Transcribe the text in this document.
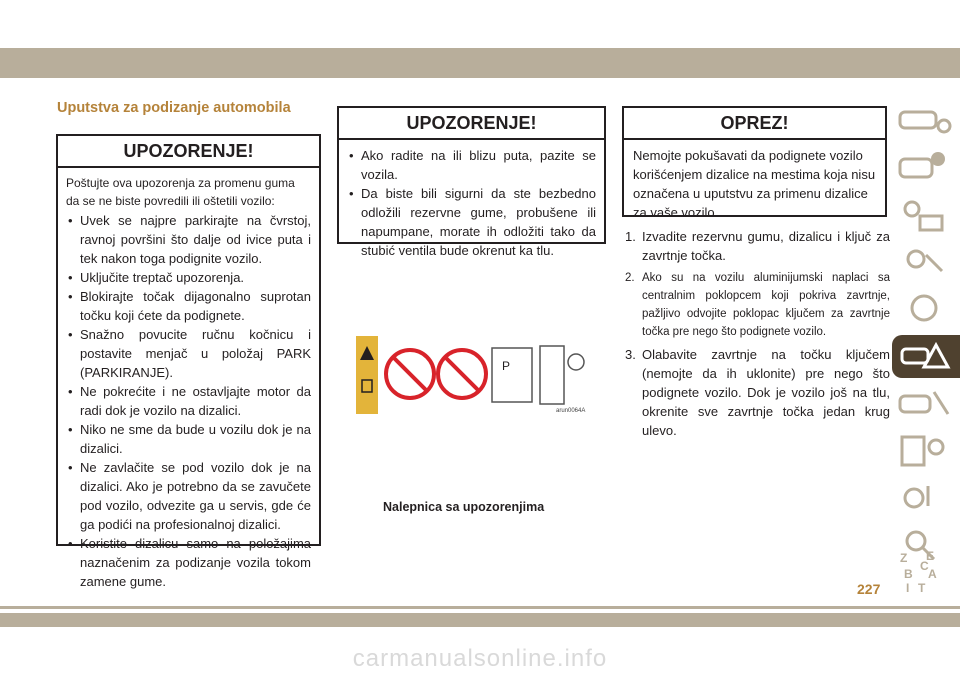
Uputstva za podizanje automobila
UPOZORENJE!
Poštujte ova upozorenja za promenu guma da se ne biste povredili ili oštetili vozilo:
• Uvek se najpre parkirajte na čvrstoj, ravnoj površini što dalje od ivice puta i tek nakon toga podignite vozilo.
• Uključite treptač upozorenja.
• Blokirajte točak dijagonalno suprotan točku koji ćete da podignete.
• Snažno povucite ručnu kočnicu i postavite menjač u položaj PARK (PARKIRANJE).
• Ne pokrećite i ne ostavljajte motor da radi dok je vozilo na dizalici.
• Niko ne sme da bude u vozilu dok je na dizalici.
• Ne zavlačite se pod vozilo dok je na dizalici. Ako je potrebno da se zavučete pod vozilo, odvezite ga u servis, gde će ga podići na profesionalnoj dizalici.
• Koristite dizalicu samo na položajima naznačenim za podizanje vozila tokom zamene gume.
UPOZORENJE!
• Ako radite na ili blizu puta, pazite se vozila.
• Da biste bili sigurni da ste bezbedno odložili rezervne gume, probušene ili napumpane, morate ih odložiti tako da stubić ventila bude okrenut ka tlu.
OPREZ!
Nemojte pokušavati da podignete vozilo korišćenjem dizalice na mestima koja nisu označena u uputstvu za primenu dizalice za vaše vozilo.
1. Izvadite rezervnu gumu, dizalicu i ključ za zavrtnje točka.
2. Ako su na vozilu aluminijumski naplaci sa centralnim poklopcem koji pokriva zavrtnje, pažljivo odvojite poklopac ključem za zavrtnje točka pre nego što podignete vozilo.
3. Olabavite zavrtnje na točku ključem (nemojte da ih uklonite) pre nego što podignete vozilo. Dok je vozilo još na tlu, okrenite sve zavrtnje točka jedan krug ulevo.
P
arun0064A
Nalepnica sa upozorenjima
Z
B
C
E
A
I T
227
carmanualsonline.info
